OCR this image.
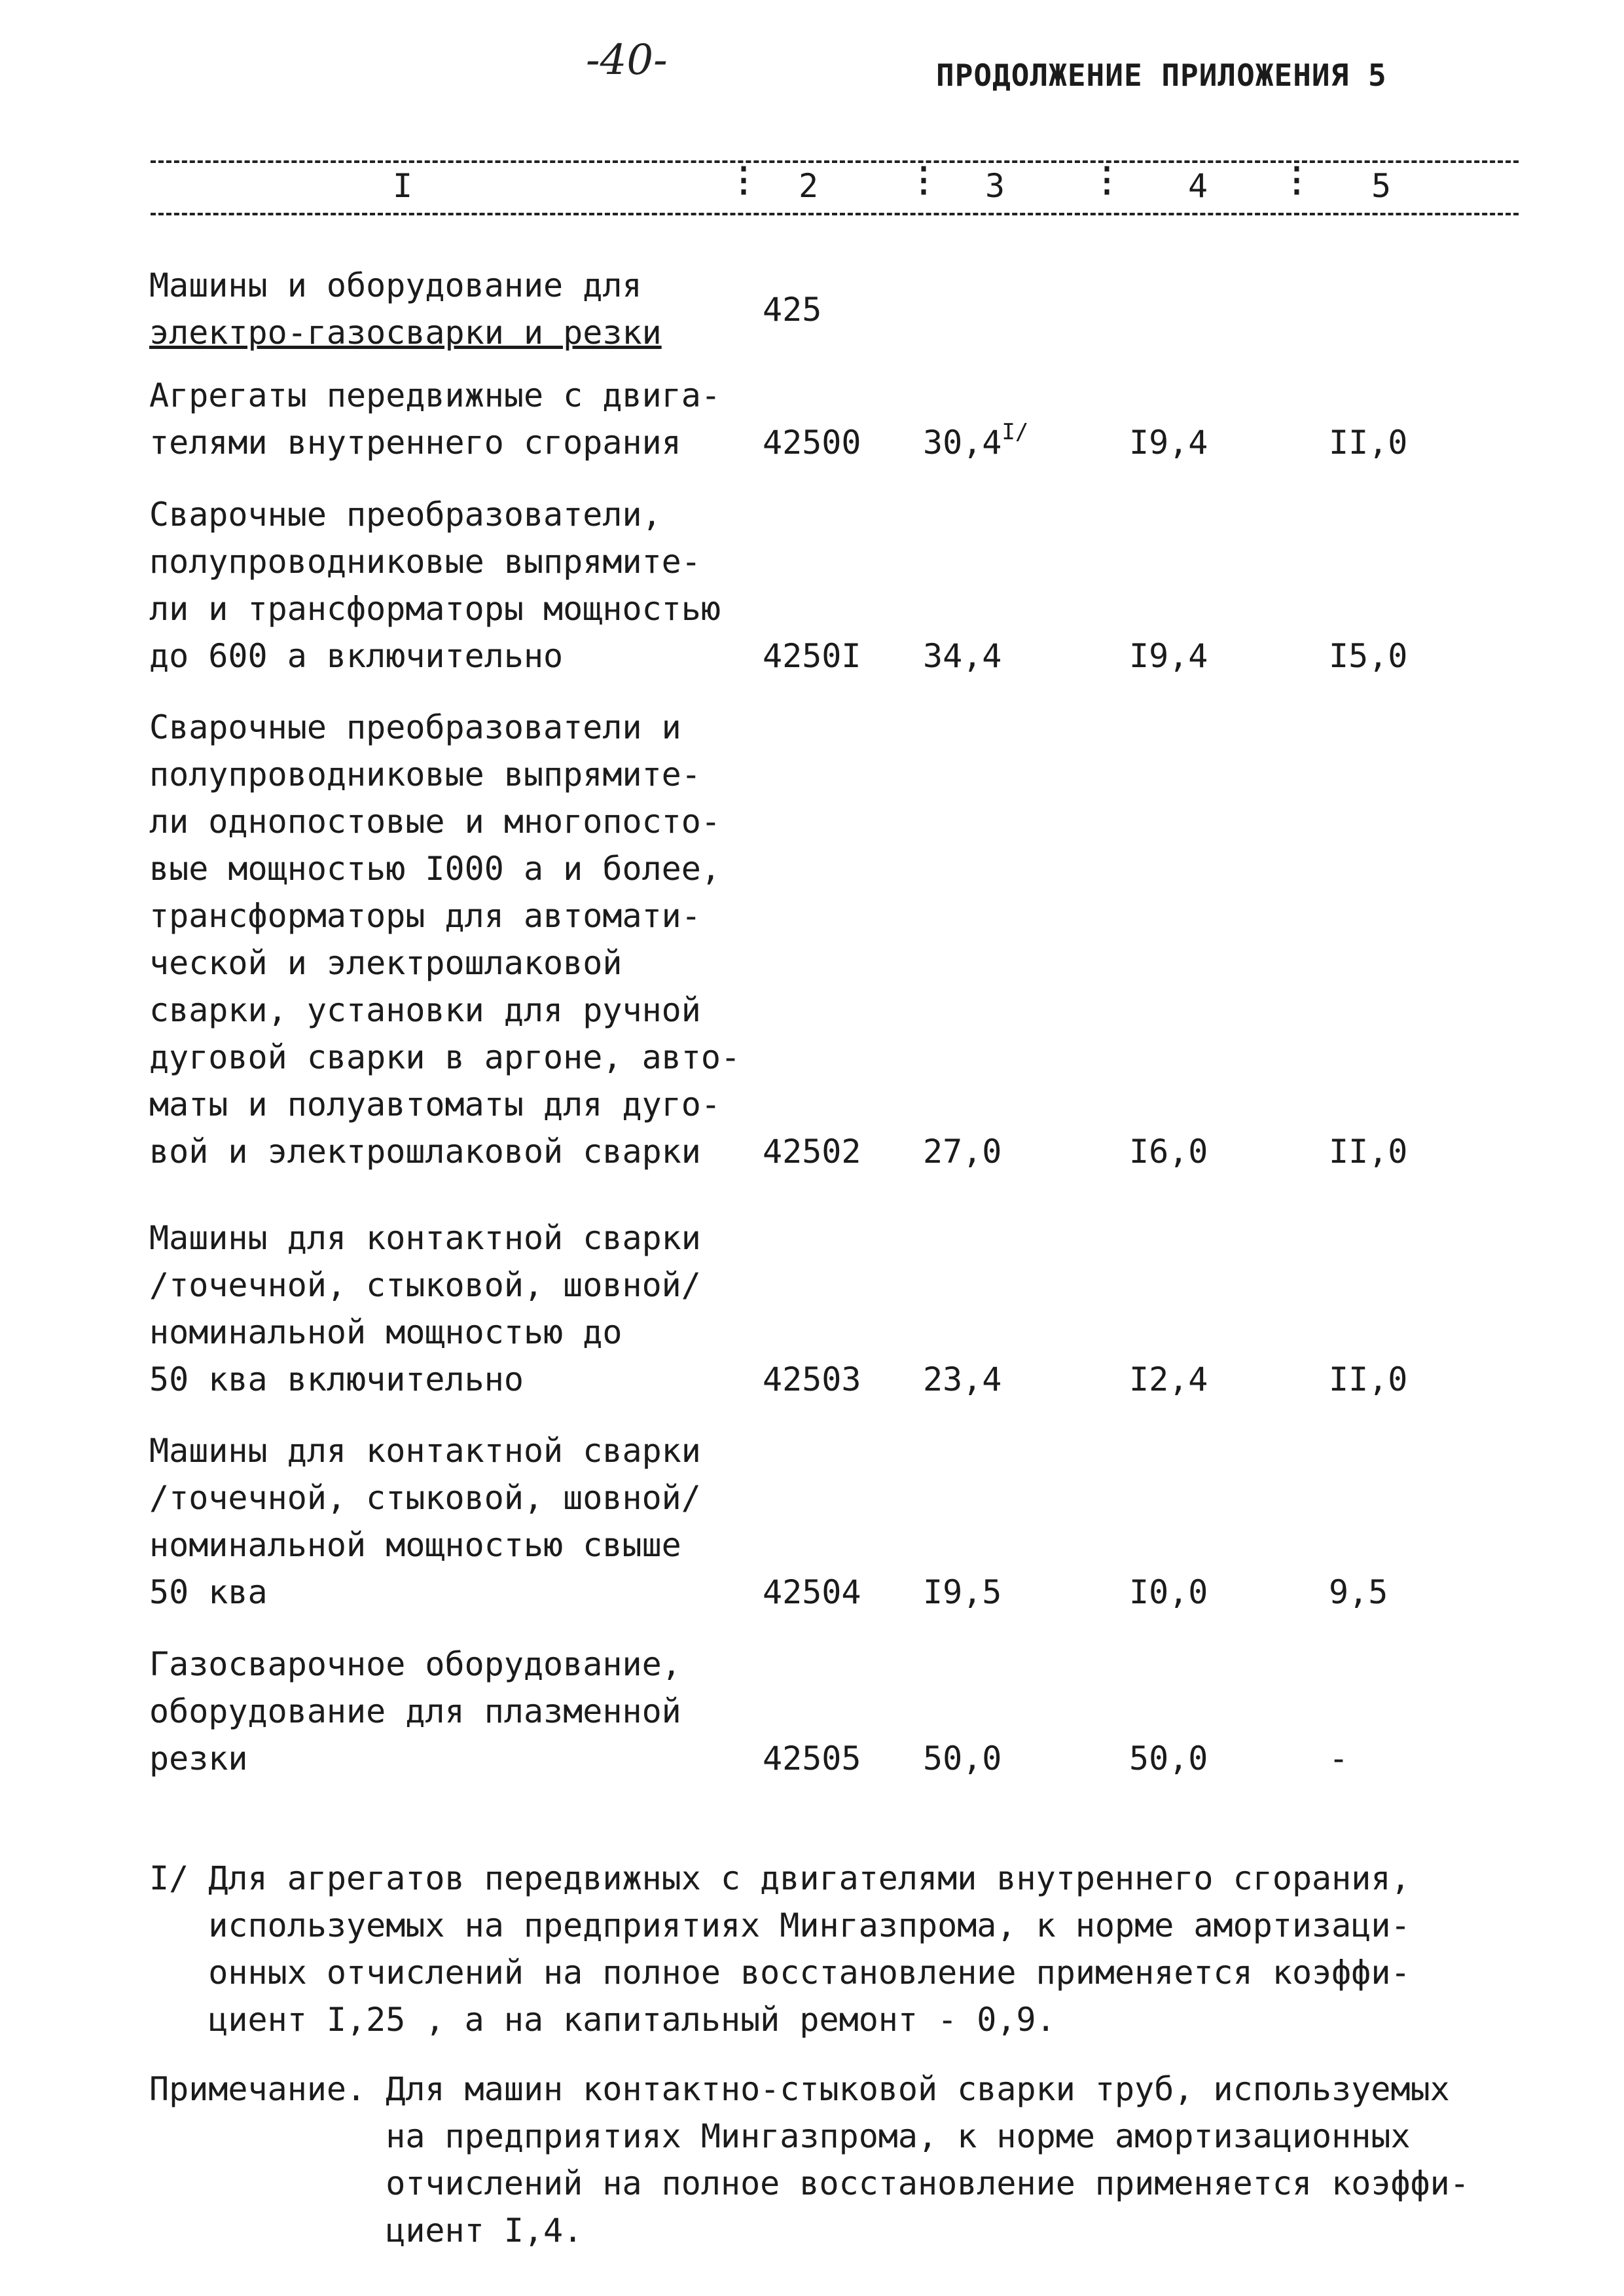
-40-	ПРОДОЛЖЕНИЕ ПРИЛОЖЕНИЯ 5
I	⋮ 2	⋮ 3 ⋮ 4 ⋮ 5
Машины и оборудование для
электро-газосварки и резки
425
Агрегаты передвижные с двига-
телями внутреннего сгорания	42500 $30,4^{I/}$	I9,4	II,0
Сварочные преобразователи,
полупроводниковые выпрямите-
ли и трансформаторы мощностью
до 600 а включительно	4250I 34,4	I9,4	I5,0
Сварочные преобразователи и
полупроводниковые выпрямите-
ли однопостовые и многопосто-
вые мощностью I000 а и более,
трансформаторы для автомати-
ческой и электрошлаковой
сварки, установки для ручной
дуговой сварки в аргоне, авто-
маты и полуавтоматы для дуго-
вой и электрошлаковой сварки	42502 27,0	I6,0	II,0
Машины для контактной сварки
/точечной, стыковой, шовной/
номинальной мощностью до
50 ква включительно	42503 23,4	I2,4	II,0
Машины для контактной сварки
/точечной, стыковой, шовной/
номинальной мощностью свыше
50 ква	42504 I9,5	I0,0	9,5
Газосварочное оборудование,
оборудование для плазменной
резки	42505 50,0	50,0	-
I/ Для агрегатов передвижных с двигателями внутреннего сгорания,
используемых на предприятиях Мингазпрома, к норме амортизаци-
онных отчислений на полное восстановление применяется коэффи-
циент I,25 , а на капитальный ремонт - 0,9.
Примечание. Для машин контактно-стыковой сварки труб, используемых
на предприятиях Мингазпрома, к норме амортизационных
отчислений на полное восстановление применяется коэффи-
циент I,4.
